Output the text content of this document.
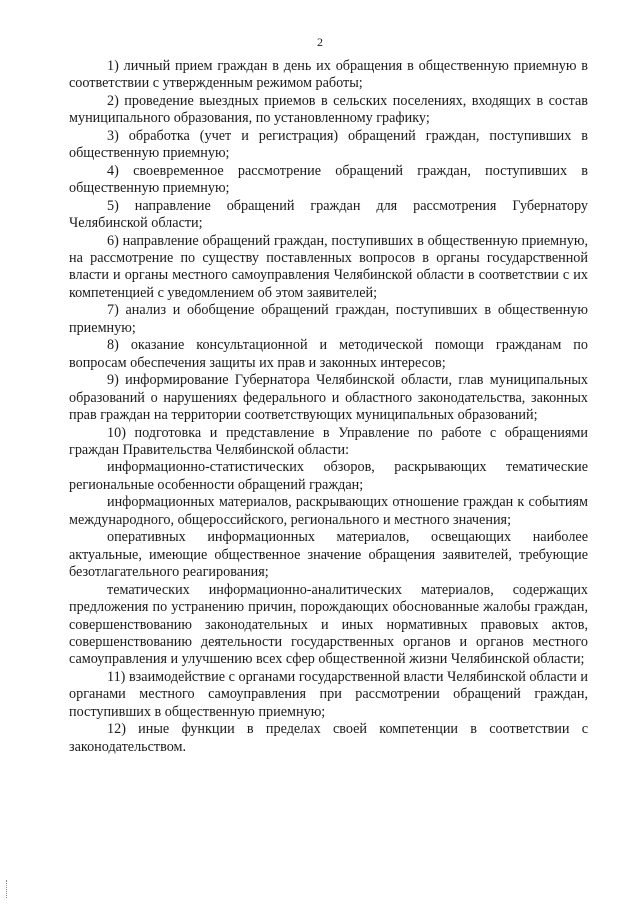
2

1) личный прием граждан в день их обращения в общественную приемную в соответствии с утвержденным режимом работы;

2) проведение выездных приемов в сельских поселениях, входящих в состав муниципального образования, по установленному графику;

3) обработка (учет и регистрация) обращений граждан, поступивших в общественную приемную;

4) своевременное рассмотрение обращений граждан, поступивших в общественную приемную;

5) направление обращений граждан для рассмотрения Губернатору Челябинской области;

6) направление обращений граждан, поступивших в общественную приемную, на рассмотрение по существу поставленных вопросов в органы государственной власти и органы местного самоуправления Челябинской области в соответствии с их компетенцией с уведомлением об этом заявителей;

7) анализ и обобщение обращений граждан, поступивших в общественную приемную;

8) оказание консультационной и методической помощи гражданам по вопросам обеспечения защиты их прав и законных интересов;

9) информирование Губернатора Челябинской области, глав муниципальных образований о нарушениях федерального и областного законодательства, законных прав граждан на территории соответствующих муниципальных образований;

10) подготовка и представление в Управление по работе с обращениями граждан Правительства Челябинской области:

информационно-статистических обзоров, раскрывающих тематические региональные особенности обращений граждан;

информационных материалов, раскрывающих отношение граждан к событиям международного, общероссийского, регионального и местного значения;

оперативных информационных материалов, освещающих наиболее актуальные, имеющие общественное значение обращения заявителей, требующие безотлагательного реагирования;

тематических информационно-аналитических материалов, содержащих предложения по устранению причин, порождающих обоснованные жалобы граждан, совершенствованию законодательных и иных нормативных правовых актов, совершенствованию деятельности государственных органов и органов местного самоуправления и улучшению всех сфер общественной жизни Челябинской области;

11) взаимодействие с органами государственной власти Челябинской области и органами местного самоуправления при рассмотрении обращений граждан, поступивших в общественную приемную;

12) иные функции в пределах своей компетенции в соответствии с законодательством.
